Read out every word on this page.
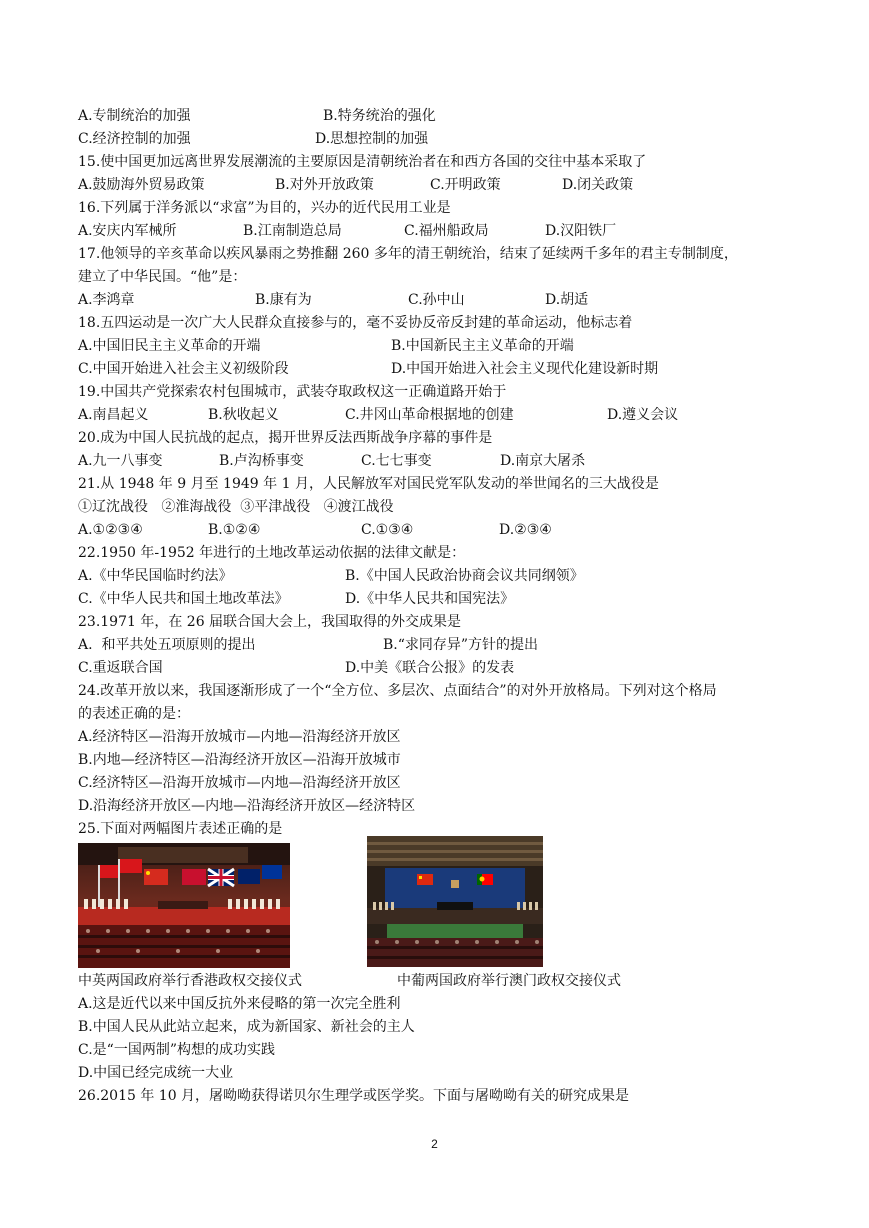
A.专制统治的加强	B.特务统治的强化
C.经济控制的加强	D.思想控制的加强
15.使中国更加远离世界发展潮流的主要原因是清朝统治者在和西方各国的交往中基本采取了
A.鼓励海外贸易政策	B.对外开放政策	C.开明政策	D.闭关政策
16.下列属于洋务派以“求富”为目的，兴办的近代民用工业是
A.安庆内军械所	B.江南制造总局	C.福州船政局	D.汉阳铁厂
17.他领导的辛亥革命以疾风暴雨之势推翻 260 多年的清王朝统治，结束了延续两千多年的君主专制制度，
建立了中华民国。“他”是：
A.李鸿章	B.康有为	C.孙中山	D.胡适
18.五四运动是一次广大人民群众直接参与的，毫不妥协反帝反封建的革命运动，他标志着
A.中国旧民主主义革命的开端	B.中国新民主主义革命的开端
C.中国开始进入社会主义初级阶段	D.中国开始进入社会主义现代化建设新时期
19.中国共产党探索农村包围城市，武装夺取政权这一正确道路开始于
A.南昌起义	B.秋收起义	C.井冈山革命根据地的创建	D.遵义会议
20.成为中国人民抗战的起点，揭开世界反法西斯战争序幕的事件是
A.九一八事变	B.卢沟桥事变	C.七七事变	D.南京大屠杀
21.从 1948 年 9 月至 1949 年 1 月，人民解放军对国民党军队发动的举世闻名的三大战役是
①辽沈战役   ②淮海战役  ③平津战役   ④渡江战役
A.①②③④	B.①②④	C.①③④	D.②③④
22.1950 年-1952 年进行的土地改革运动依据的法律文献是：
A.《中华民国临时约法》	B.《中国人民政治协商会议共同纲领》
C.《中华人民共和国土地改革法》	D.《中华人民共和国宪法》
23.1971 年，在 26 届联合国大会上，我国取得的外交成果是
A.  和平共处五项原则的提出	B.“求同存异”方针的提出
C.重返联合国	D.中美《联合公报》的发表
24.改革开放以来，我国逐渐形成了一个“全方位、多层次、点面结合”的对外开放格局。下列对这个格局
的表述正确的是：
A.经济特区—沿海开放城市—内地—沿海经济开放区
B.内地—经济特区—沿海经济开放区—沿海开放城市
C.经济特区—沿海开放城市—内地—沿海经济开放区
D.沿海经济开放区—内地—沿海经济开放区—经济特区
25.下面对两幅图片表述正确的是
中英两国政府举行香港政权交接仪式	中葡两国政府举行澳门政权交接仪式
A.这是近代以来中国反抗外来侵略的第一次完全胜利
B.中国人民从此站立起来，成为新国家、新社会的主人
C.是“一国两制”构想的成功实践
D.中国已经完成统一大业
26.2015 年 10 月，屠呦呦获得诺贝尔生理学或医学奖。下面与屠呦呦有关的研究成果是
2
